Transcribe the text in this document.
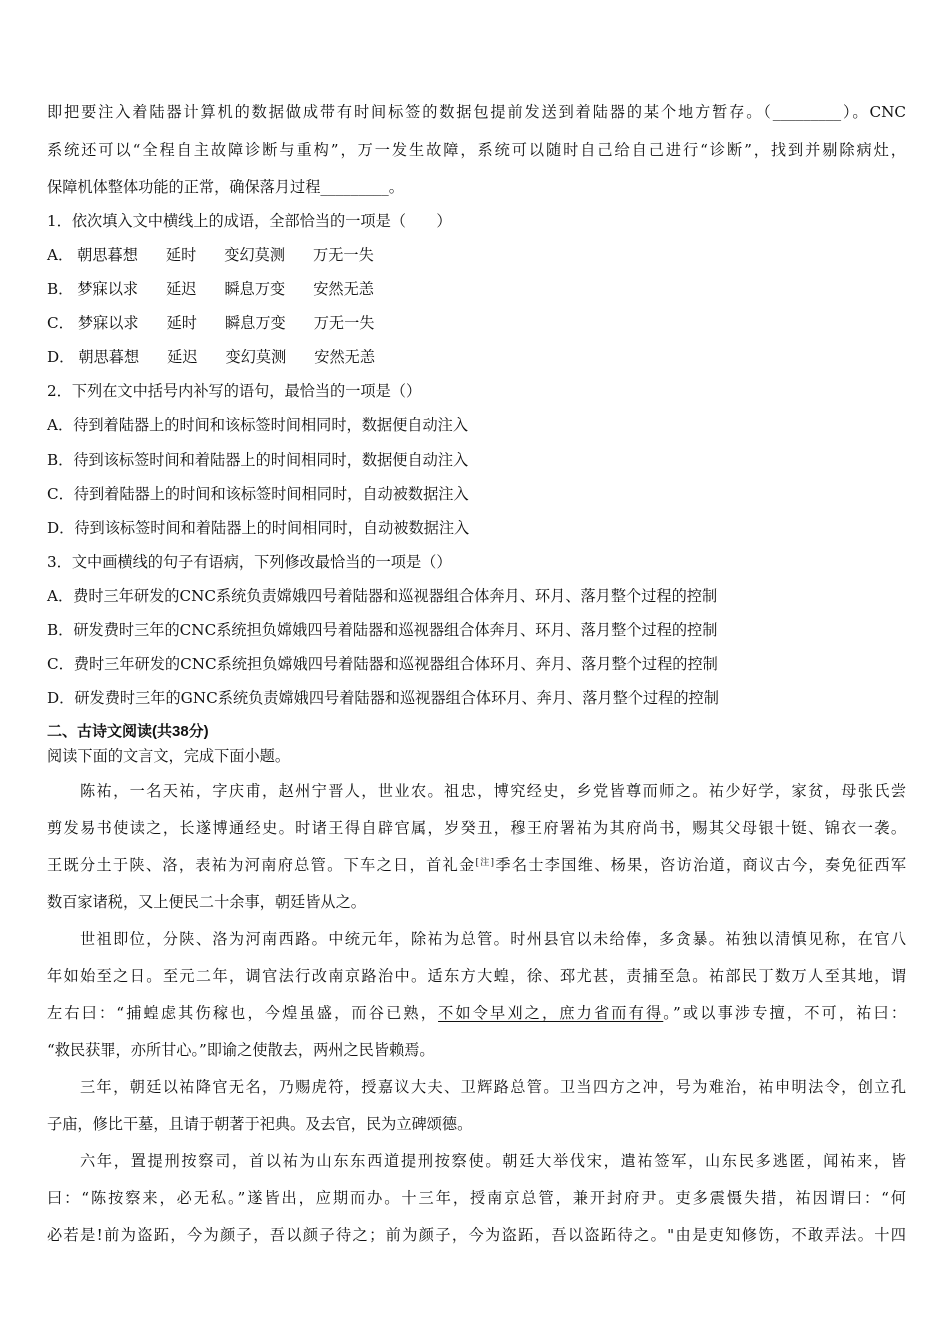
即把要注入着陆器计算机的数据做成带有时间标签的数据包提前发送到着陆器的某个地方暂存。（_________）。CNC
系统还可以“全程自主故障诊断与重构”，万一发生故障，系统可以随时自己给自己进行“诊断”，找到并剔除病灶，
保障机体整体功能的正常，确保落月过程_________。
1．依次填入文中横线上的成语，全部恰当的一项是（　　）
A． 朝思暮想 延时 变幻莫测 万无一失
B． 梦寐以求 延迟 瞬息万变 安然无恙
C． 梦寐以求 延时 瞬息万变 万无一失
D． 朝思暮想 延迟 变幻莫测 安然无恙
2．下列在文中括号内补写的语句，最恰当的一项是（）
A．待到着陆器上的时间和该标签时间相同时，数据便自动注入
B．待到该标签时间和着陆器上的时间相同时，数据便自动注入
C．待到着陆器上的时间和该标签时间相同时，自动被数据注入
D．待到该标签时间和着陆器上的时间相同时，自动被数据注入
3．文中画横线的句子有语病，下列修改最恰当的一项是（）
A．费时三年研发的CNC系统负责嫦娥四号着陆器和巡视器组合体奔月、环月、落月整个过程的控制
B．研发费时三年的CNC系统担负嫦娥四号着陆器和巡视器组合体奔月、环月、落月整个过程的控制
C．费时三年研发的CNC系统担负嫦娥四号着陆器和巡视器组合体环月、奔月、落月整个过程的控制
D．研发费时三年的GNC系统负责嫦娥四号着陆器和巡视器组合体环月、奔月、落月整个过程的控制
二、古诗文阅读(共38分)
阅读下面的文言文，完成下面小题。
陈祐，一名天祐，字庆甫，赵州宁晋人，世业农。祖忠，博究经史，乡党皆尊而师之。祐少好学，家贫，母张氏尝
剪发易书使读之，长遂博通经史。时诸王得自辟官属，岁癸丑，穆王府署祐为其府尚书，赐其父母银十铤、锦衣一袭。
王既分土于陕、洛，表祐为河南府总管。下车之日，首礼金[注]季名士李国维、杨果，咨访治道，商议古今，奏免征西军
数百家诸税，又上便民二十余事，朝廷皆从之。
世祖即位，分陕、洛为河南西路。中统元年，除祐为总管。时州县官以未给俸，多贪暴。祐独以清慎见称，在官八
年如始至之日。至元二年，调官法行改南京路治中。适东方大蝗，徐、邳尤甚，责捕至急。祐部民丁数万人至其地，谓
左右曰：“捕蝗虑其伤稼也，今煌虽盛，而谷已熟，不如令早刈之，庶力省而有得。”或以事涉专擅，不可，祐曰：
“救民获罪，亦所甘心。”即谕之使散去，两州之民皆赖焉。
三年，朝廷以祐降官无名，乃赐虎符，授嘉议大夫、卫辉路总管。卫当四方之冲，号为难治，祐申明法令，创立孔
子庙，修比干墓，且请于朝著于祀典。及去官，民为立碑颂德。
六年，置提刑按察司，首以祐为山东东西道提刑按察使。朝廷大举伐宋，遣祐签军，山东民多逃匿，闻祐来，皆
曰：“陈按察来，必无私。”遂皆出，应期而办。十三年，授南京总管，兼开封府尹。吏多震慑失措，祐因谓曰：“何
必若是!前为盗跖，今为颜子，吾以颜子待之；前为颜子，今为盗跖，吾以盗跖待之。"由是吏知修饬，不敢弄法。十四
